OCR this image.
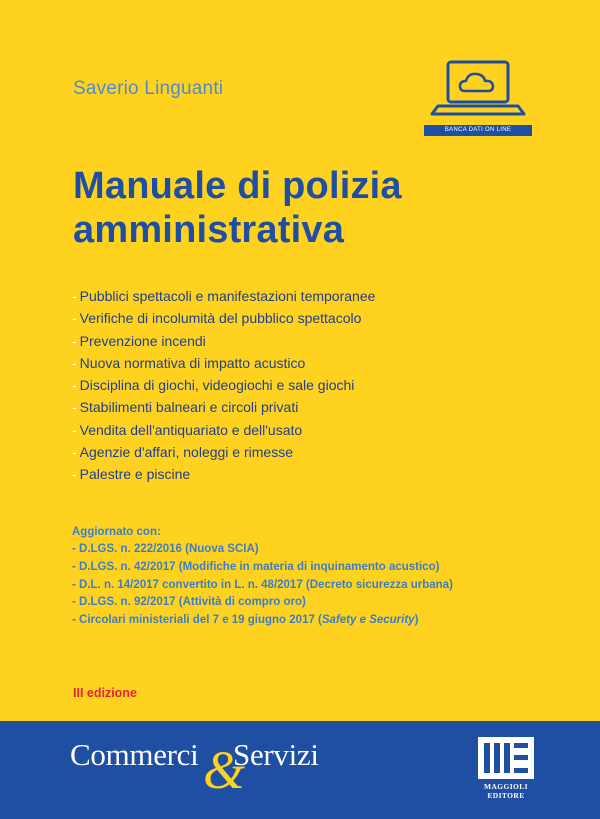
Saverio Linguanti
BANCA DATI ON LINE
Manuale di polizia
amministrativa
- Pubblici spettacoli e manifestazioni temporanee
- Verifiche di incolumità del pubblico spettacolo
- Prevenzione incendi
- Nuova normativa di impatto acustico
- Disciplina di giochi, videogiochi e sale giochi
- Stabilimenti balneari e circoli privati
- Vendita dell'antiquariato e dell'usato
- Agenzie d'affari, noleggi e rimesse
- Palestre e piscine
Aggiornato con:
- D.LGS. n. 222/2016 (Nuova SCIA)
- D.LGS. n. 42/2017 (Modifiche in materia di inquinamento acustico)
- D.L. n. 14/2017 convertito in L. n. 48/2017 (Decreto sicurezza urbana)
- D.LGS. n. 92/2017 (Attività di compro oro)
- Circolari ministeriali del 7 e 19 giugno 2017 (Safety e Security)
III edizione
Commerci &
Servizi
MAGGIOLI
EDITORE
